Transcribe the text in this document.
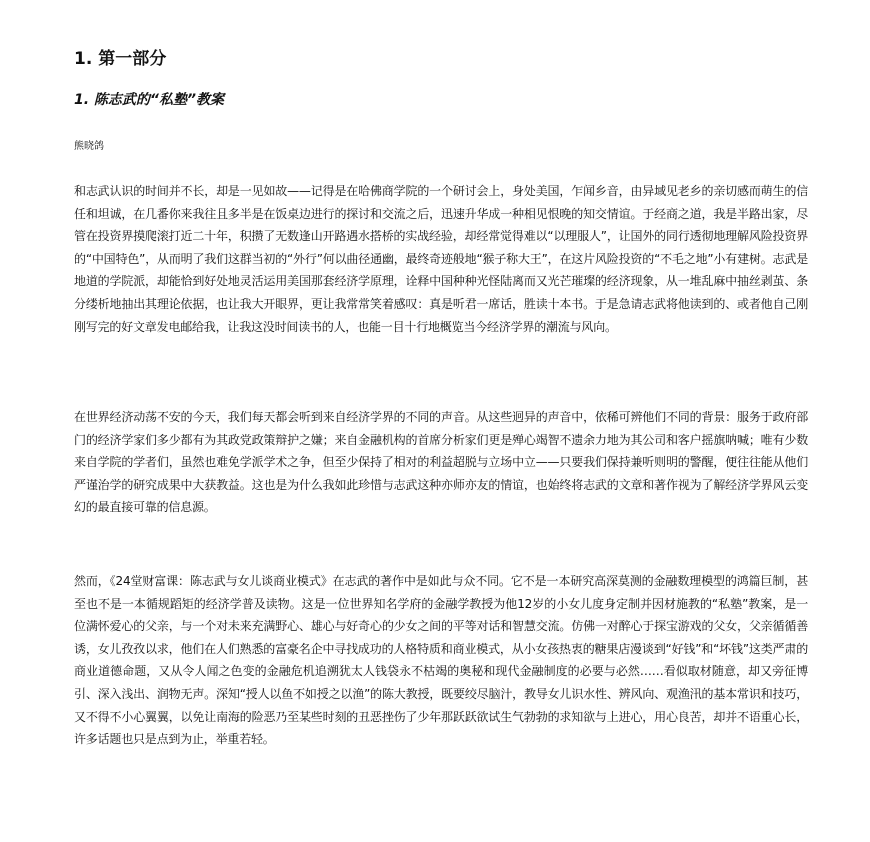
1. 第一部分
1. 陈志武的“私塾”教案

熊晓鸽

和志武认识的时间并不长，却是一见如故——记得是在哈佛商学院的一个研讨会上，身处美国，乍闻乡音，由异域见老乡的亲切感而萌生的信任和坦诚，在几番你来我往且多半是在饭桌边进行的探讨和交流之后，迅速升华成一种相见恨晚的知交情谊。于经商之道，我是半路出家，尽管在投资界摸爬滚打近二十年，积攒了无数逢山开路遇水搭桥的实战经验，却经常觉得难以“以理服人”，让国外的同行透彻地理解风险投资界的“中国特色”，从而明了我们这群当初的“外行”何以曲径通幽，最终奇迹般地“猴子称大王”，在这片风险投资的“不毛之地”小有建树。志武是地道的学院派，却能恰到好处地灵活运用美国那套经济学原理，诠释中国种种光怪陆离而又光芒璀璨的经济现象，从一堆乱麻中抽丝剥茧、条分缕析地抽出其理论依据，也让我大开眼界，更让我常常笑着感叹：真是听君一席话，胜读十本书。于是急请志武将他读到的、或者他自己刚刚写完的好文章发电邮给我，让我这没时间读书的人，也能一目十行地概览当今经济学界的潮流与风向。

在世界经济动荡不安的今天，我们每天都会听到来自经济学界的不同的声音。从这些迥异的声音中，依稀可辨他们不同的背景：服务于政府部门的经济学家们多少都有为其政党政策辩护之嫌；来自金融机构的首席分析家们更是殚心竭智不遗余力地为其公司和客户摇旗呐喊；唯有少数来自学院的学者们，虽然也难免学派学术之争，但至少保持了相对的利益超脱与立场中立——只要我们保持兼听则明的警醒，便往往能从他们严谨治学的研究成果中大获教益。这也是为什么我如此珍惜与志武这种亦师亦友的情谊，也始终将志武的文章和著作视为了解经济学界风云变幻的最直接可靠的信息源。

然而，《24堂财富课：陈志武与女儿谈商业模式》在志武的著作中是如此与众不同。它不是一本研究高深莫测的金融数理模型的鸿篇巨制，甚至也不是一本循规蹈矩的经济学普及读物。这是一位世界知名学府的金融学教授为他12岁的小女儿度身定制并因材施教的“私塾”教案，是一位满怀爱心的父亲，与一个对未来充满野心、雄心与好奇心的少女之间的平等对话和智慧交流。仿佛一对醉心于探宝游戏的父女，父亲循循善诱，女儿孜孜以求，他们在人们熟悉的富豪名企中寻找成功的人格特质和商业模式，从小女孩热衷的糖果店漫谈到“好钱”和“坏钱”这类严肃的商业道德命题，又从令人闻之色变的金融危机追溯犹太人钱袋永不枯竭的奥秘和现代金融制度的必要与必然……看似取材随意，却又旁征博引、深入浅出、润物无声。深知“授人以鱼不如授之以渔”的陈大教授，既要绞尽脑汁，教导女儿识水性、辨风向、观渔汛的基本常识和技巧，又不得不小心翼翼，以免让南海的险恶乃至某些时刻的丑恶挫伤了少年那跃跃欲试生气勃勃的求知欲与上进心，用心良苦，却并不语重心长，许多话题也只是点到为止，举重若轻。
